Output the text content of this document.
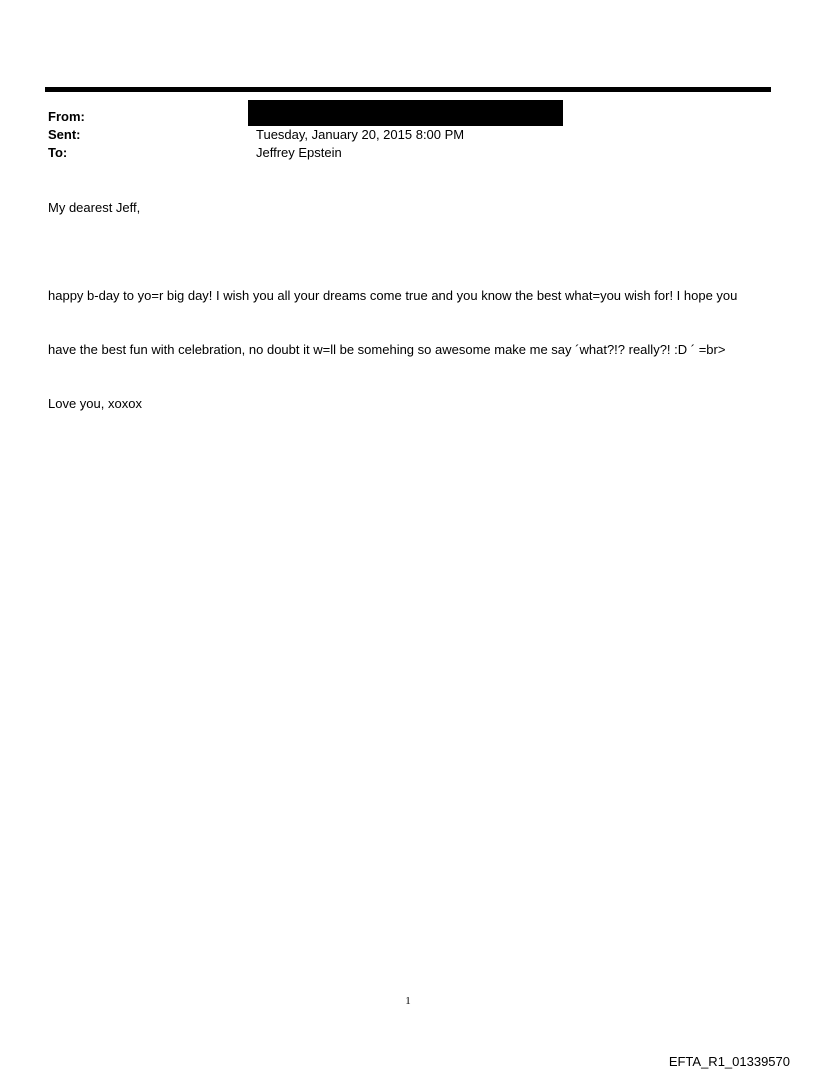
From:
Sent:	Tuesday, January 20, 2015 8:00 PM
To:	Jeffrey Epstein
My dearest Jeff,

happy b-day to yo=r big day! I wish you all your dreams come true and you know the best what=you wish for! I hope you

have the best fun with celebration, no doubt it w=ll be somehing so awesome make me say ´what?!? really?! :D ´ =br>

Love you, xoxox

1
EFTA_R1_01339570
